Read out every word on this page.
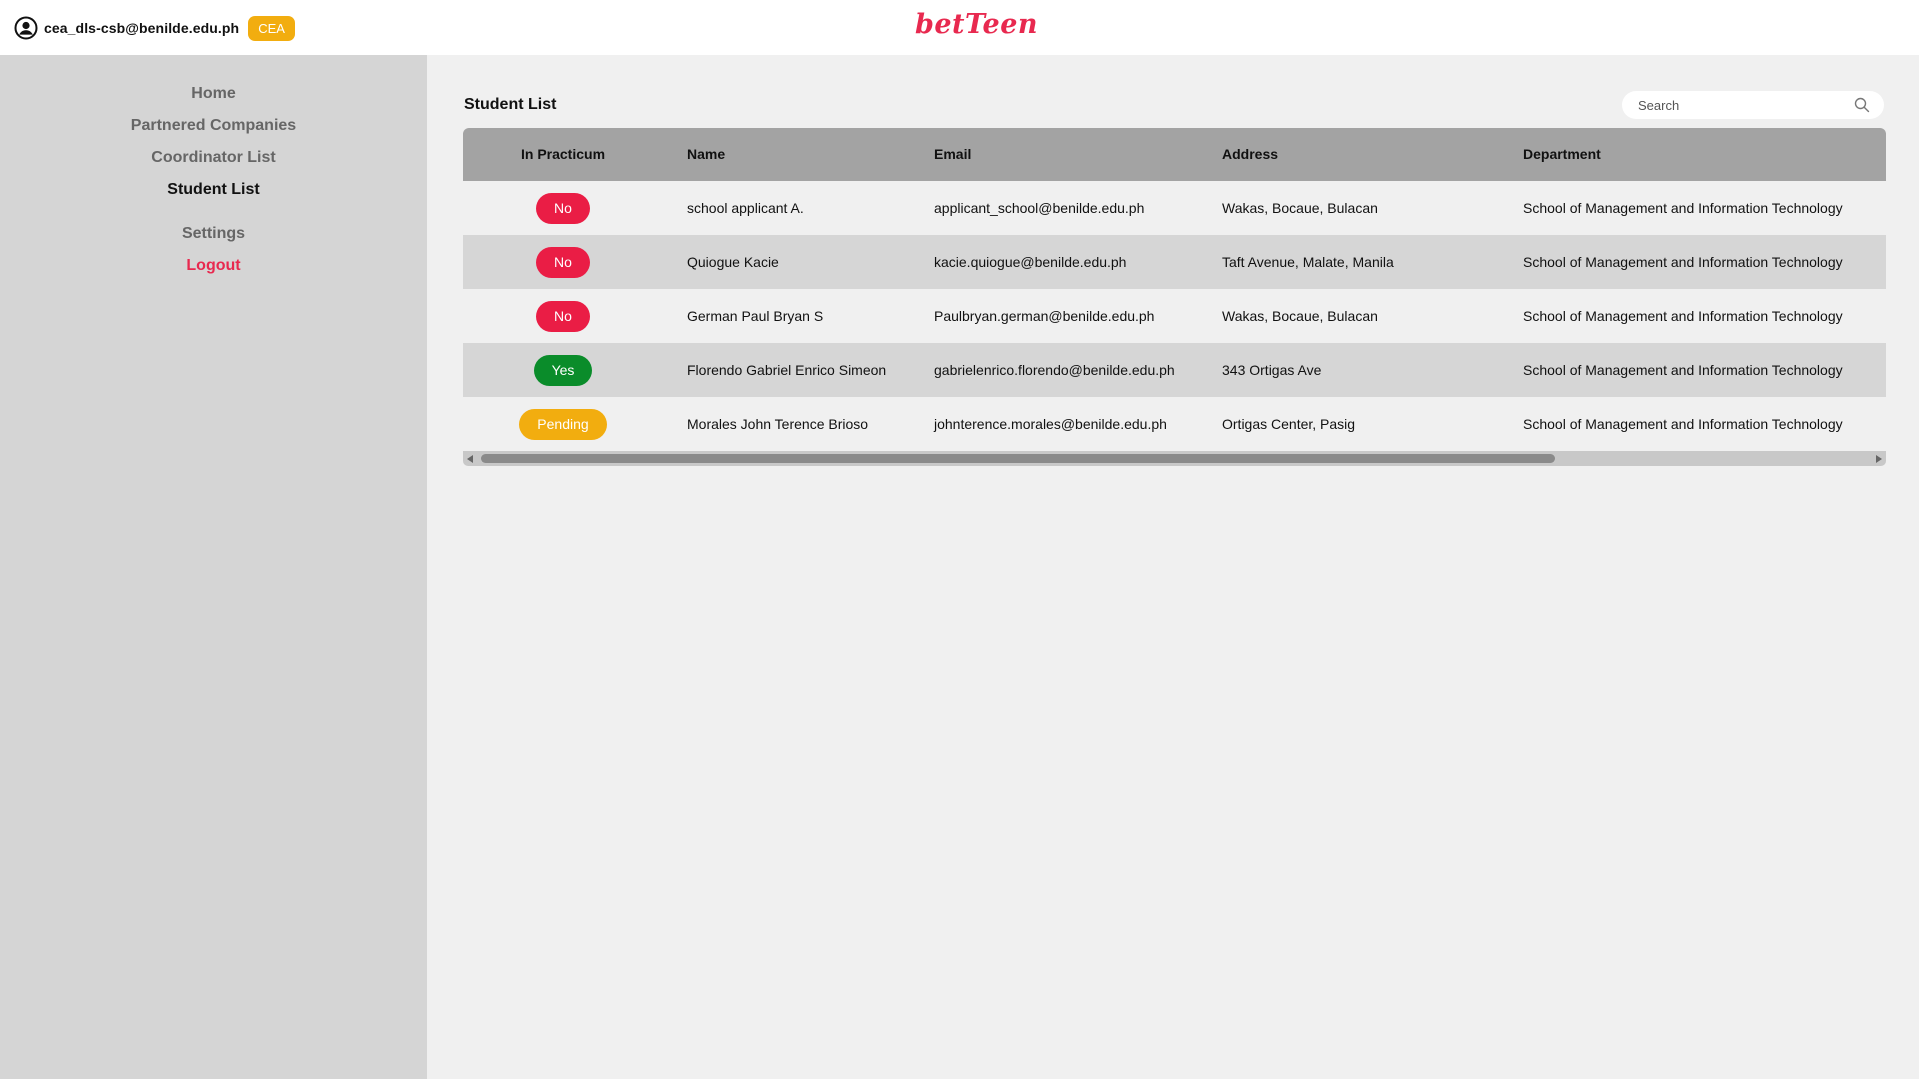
cea_dls-csb@benilde.edu.ph	CEA	betTeen
Home
Partnered Companies
Coordinator List
Student List
Settings
Logout
Student List
Search
In Practicum	Name	Email	Address	Department
No	school applicant A.	applicant_school@benilde.edu.ph	Wakas, Bocaue, Bulacan	School of Management and Information Technology
No	Quiogue Kacie	kacie.quiogue@benilde.edu.ph	Taft Avenue, Malate, Manila	School of Management and Information Technology
No	German Paul Bryan S	Paulbryan.german@benilde.edu.ph	Wakas, Bocaue, Bulacan	School of Management and Information Technology
Yes	Florendo Gabriel Enrico Simeon	gabrielenrico.florendo@benilde.edu.ph	343 Ortigas Ave	School of Management and Information Technology
Pending	Morales John Terence Brioso	johnterence.morales@benilde.edu.ph	Ortigas Center, Pasig	School of Management and Information Technology
